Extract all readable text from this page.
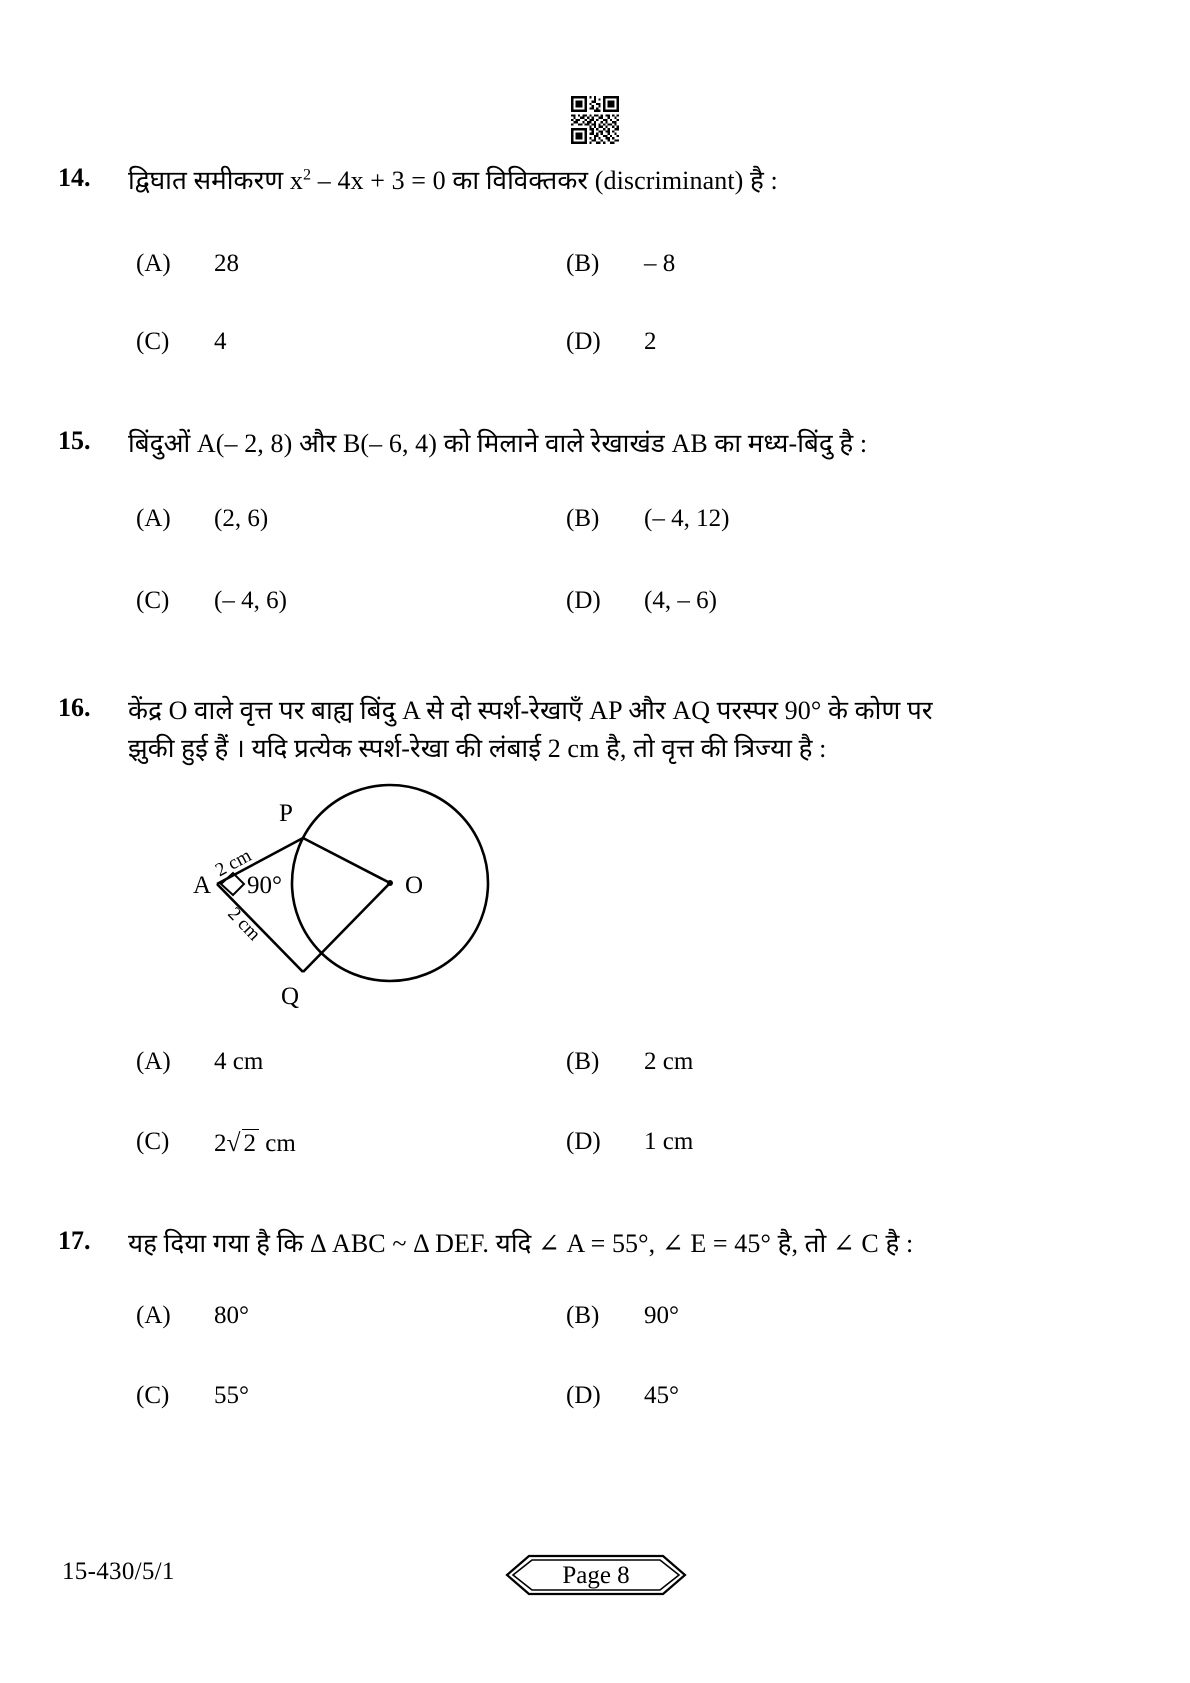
14.	द्विघात समीकरण $x^2 - 4x + 3 = 0$ का विविक्तकर (discriminant) है :
(A)	28	(B)	– 8
(C)	4	(D)	2
15.	बिंदुओं A(– 2, 8) और B(– 6, 4) को मिलाने वाले रेखाखंड AB का मध्य-बिंदु है :
(A)	(2, 6)	(B)	(– 4, 12)
(C)	(– 4, 6)	(D)	(4, – 6)
16.	केंद्र O वाले वृत्त पर बाह्य बिंदु A से दो स्पर्श-रेखाएँ AP और AQ परस्पर 90° के कोण पर
झुकी हुई हैं । यदि प्रत्येक स्पर्श-रेखा की लंबाई 2 cm है, तो वृत्त की त्रिज्या है :
P
Q
A	O
90°
2 cm
2 cm
(A)	4 cm	(B)	2 cm
(C)	2√ 2 cm	(D)	1 cm
17.	यह दिया गया है कि Δ ABC ~ Δ DEF. यदि ∠ A = 55°, ∠ E = 45° है, तो ∠ C है :
(A)	80°	(B)	90°
(C)	55°	(D)	45°
15-430/5/1	Page 8
